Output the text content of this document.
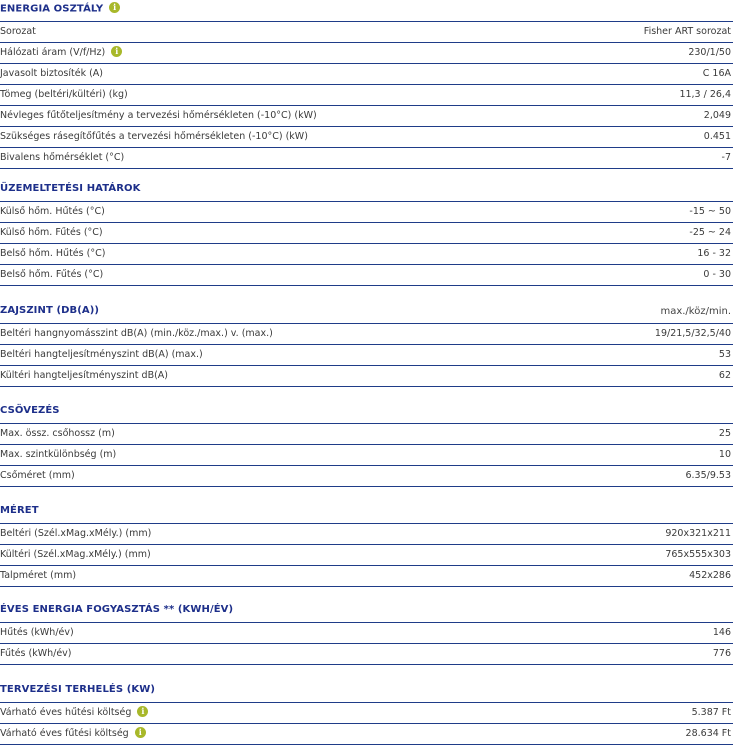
ENERGIA OSZTÁLY i
Sorozat	Fisher ART sorozat
Hálózati áram (V/f/Hz) i	230/1/50
Javasolt biztosíték (A)	C 16A
Tömeg (beltéri/kültéri) (kg)	11,3 / 26,4
Névleges fűtőteljesítmény a tervezési hőmérsékleten (-10°C) (kW)	2,049
Szükséges rásegítőfűtés a tervezési hőmérsékleten (-10°C) (kW)	0.451
Bivalens hőmérséklet (°C)	-7
ÜZEMELTETÉSI HATÁROK
Külső hőm. Hűtés (°C)	-15 ~ 50
Külső hőm. Fűtés (°C)	-25 ~ 24
Belső hőm. Hűtés (°C)	16 - 32
Belső hőm. Fűtés (°C)	0 - 30
ZAJSZINT (DB(A))	max./köz/min.
Beltéri hangnyomásszint dB(A) (min./köz./max.) v. (max.)	19/21,5/32,5/40
Beltéri hangteljesítményszint dB(A) (max.)	53
Kültéri hangteljesítményszint dB(A)	62
CSÖVEZÉS
Max. össz. csőhossz (m)	25
Max. szintkülönbség (m)	10
Csőméret (mm)	6.35/9.53
MÉRET
Beltéri (Szél.xMag.xMély.) (mm)	920x321x211
Kültéri (Szél.xMag.xMély.) (mm)	765x555x303
Talpméret (mm)	452x286
ÉVES ENERGIA FOGYASZTÁS ** (KWH/ÉV)
Hűtés (kWh/év)	146
Fűtés (kWh/év)	776
TERVEZÉSI TERHELÉS (KW)
Várható éves hűtési költség i	5.387 Ft
Várható éves fűtési költség i	28.634 Ft
